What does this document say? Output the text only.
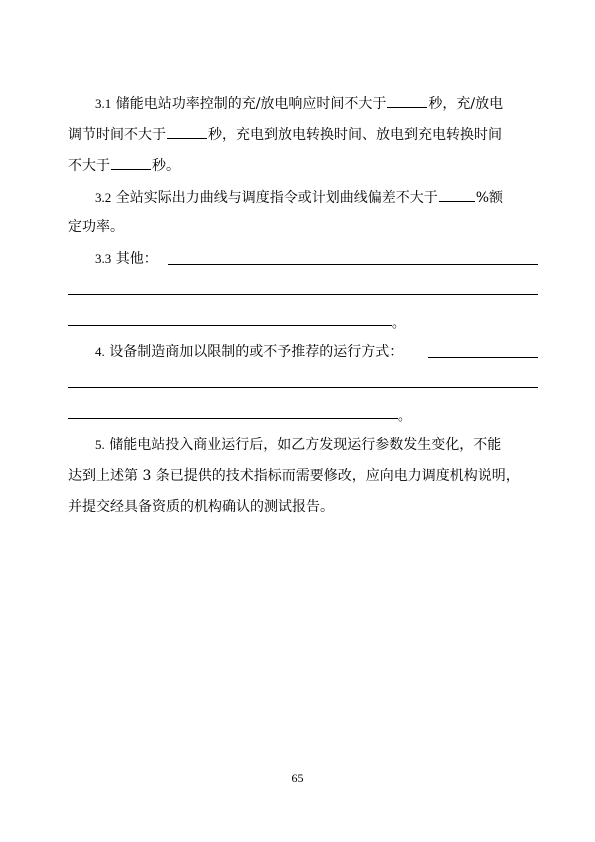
3.1 储能电站功率控制的充/放电响应时间不大于	秒，充/放电
调节时间不大于	秒，充电到放电转换时间、放电到充电转换时间
不大于	秒。
3.2 全站实际出力曲线与调度指令或计划曲线偏差不大于	%额
定功率。
3.3 其他：
。
4. 设备制造商加以限制的或不予推荐的运行方式：
。
5. 储能电站投入商业运行后，如乙方发现运行参数发生变化，不能
达到上述第 3 条已提供的技术指标而需要修改，应向电力调度机构说明，
并提交经具备资质的机构确认的测试报告。
65
